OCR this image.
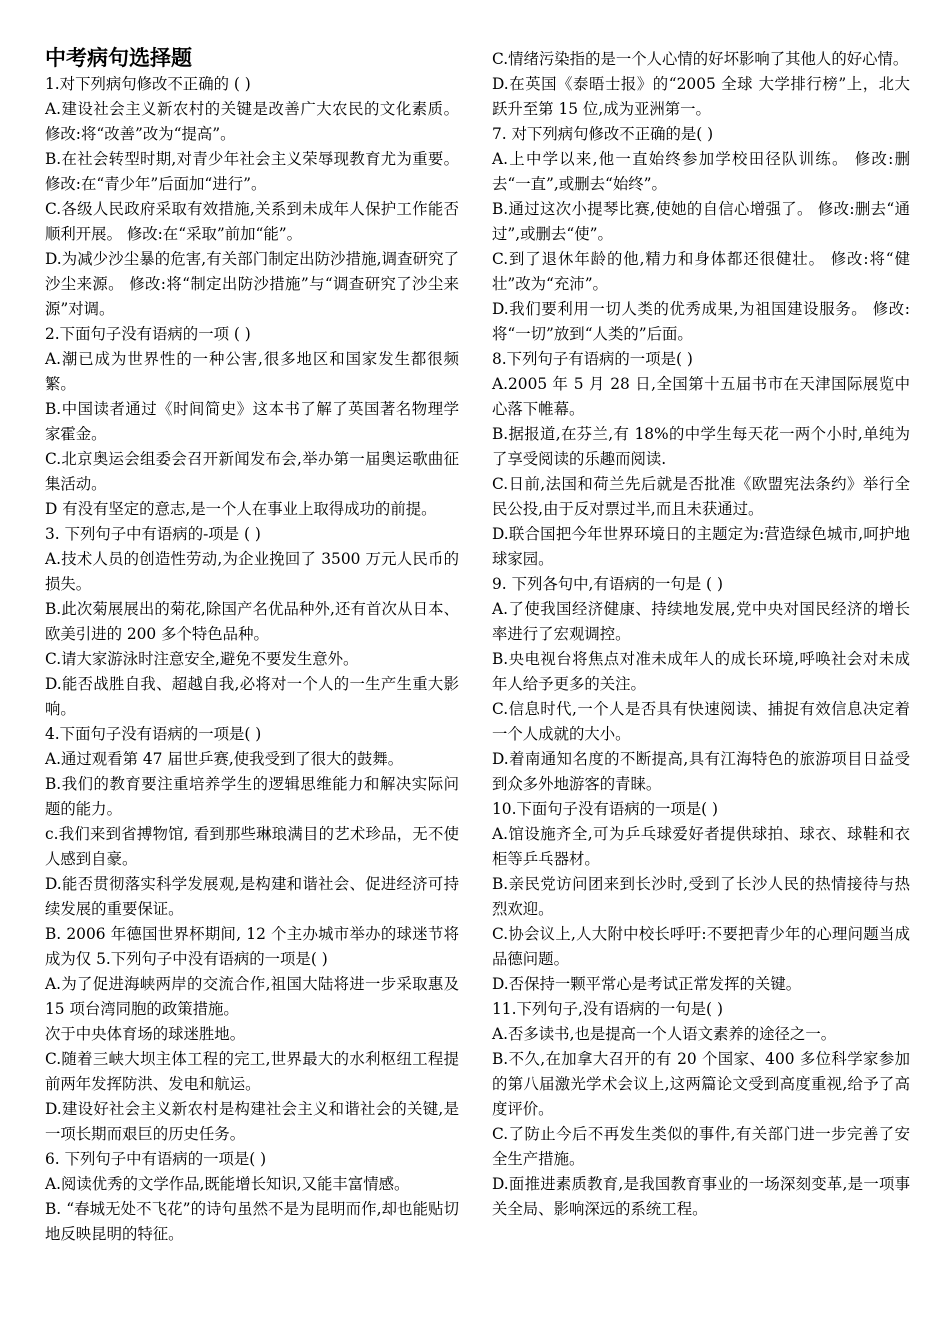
中考病句选择题

1.对下列病句修改不正确的 ( )

A.建设社会主义新农村的关键是改善广大农民的文化素质。 修改:将“改善”改为“提高”。

B.在社会转型时期,对青少年社会主义荣辱现教育尤为重要。 修改:在“青少年”后面加“进行”。

C.各级人民政府采取有效措施,关系到未成年人保护工作能否顺利开展。 修改:在“采取”前加“能”。

D.为减少沙尘暴的危害,有关部门制定出防沙措施,调查研究了沙尘来源。 修改:将“制定出防沙措施”与“调查研究了沙尘来源”对调。

2.下面句子没有语病的一项 ( )

A.潮已成为世界性的一种公害,很多地区和国家发生都很频繁。

B.中国读者通过《时间简史》这本书了解了英国著名物理学家霍金。

C.北京奥运会组委会召开新闻发布会,举办第一届奥运歌曲征集活动。

D 有没有坚定的意志,是一个人在事业上取得成功的前提。

3. 下列句子中有语病的-项是 ( )

A.技术人员的创造性劳动,为企业挽回了 3500 万元人民币的损失。

B.此次菊展展出的菊花,除国产名优品种外,还有首次从日本、欧美引进的 200 多个特色品种。

C.请大家游泳时注意安全,避免不要发生意外。

D.能否战胜自我、超越自我,必将对一个人的一生产生重大影响。

4.下面句子没有语病的一项是( )

A.通过观看第 47 届世乒赛,使我受到了很大的鼓舞。

B.我们的教育要注重培养学生的逻辑思维能力和解决实际问题的能力。

c.我们来到省搏物馆, 看到那些琳琅满目的艺术珍品，无不使人感到自豪。

D.能否贯彻落实科学发展观,是构建和谐社会、促进经济可持续发展的重要保证。

B. 2006 年德国世界杯期间, 12 个主办城市举办的球迷节将成为仅 5.下列句子中没有语病的一项是( )

A.为了促进海峡两岸的交流合作,祖国大陆将进一步采取惠及 15 项台湾同胞的政策措施。

次于中央体育场的球迷胜地。

C.随着三峡大坝主体工程的完工,世界最大的水利枢纽工程提前两年发挥防洪、发电和航运。

D.建设好社会主义新农村是构建社会主义和谐社会的关键,是一项长期而艰巨的历史任务。

6. 下列句子中有语病的一项是( )

A.阅读优秀的文学作品,既能增长知识,又能丰富情感。

B. “春城无处不飞花”的诗句虽然不是为昆明而作,却也能贴切地反映昆明的特征。

C.情绪污染指的是一个人心情的好坏影响了其他人的好心情。

D.在英国《泰晤士报》的“2005 全球 大学排行榜”上，北大跃升至第 15 位,成为亚洲第一。

7. 对下列病句修改不正确的是( )

A.上中学以来,他一直始终参加学校田径队训练。 修改:删去“一直”,或删去“始终”。

B.通过这次小提琴比赛,使她的自信心增强了。 修改:删去“通过”,或删去“使”。

C.到了退休年龄的他,精力和身体都还很健壮。 修改:将“健壮”改为“充沛”。

D.我们要利用一切人类的优秀成果,为祖国建设服务。 修改:将“一切”放到“人类的”后面。

8.下列句子有语病的一项是( )

A.2005 年 5 月 28 日,全国第十五届书市在天津国际展览中心落下帷幕。

B.据报道,在芬兰,有 18%的中学生每天花一两个小时,单纯为了享受阅读的乐趣而阅读.

C.日前,法国和荷兰先后就是否批准《欧盟宪法条约》举行全民公投,由于反对票过半,而且未获通过。

D.联合国把今年世界环境日的主题定为:营造绿色城市,呵护地球家园。

9. 下列各句中,有语病的一句是 ( )

A.了使我国经济健康、持续地发展,党中央对国民经济的增长率进行了宏观调控。

B.央电视台将焦点对准未成年人的成长环境,呼唤社会对未成年人给予更多的关注。

C.信息时代,一个人是否具有快速阅读、捕捉有效信息决定着一个人成就的大小。

D.着南通知名度的不断提高,具有江海特色的旅游项目日益受到众多外地游客的青睐。

10.下面句子没有语病的一项是( )

A.馆设施齐全,可为乒乓球爱好者提供球拍、球衣、球鞋和衣柜等乒乓器材。

B.亲民党访问团来到长沙时,受到了长沙人民的热情接待与热烈欢迎。

C.协会议上,人大附中校长呼吁:不要把青少年的心理问题当成品德问题。

D.否保持一颗平常心是考试正常发挥的关键。

11.下列句子,没有语病的一句是( )

A.否多读书,也是提高一个人语文素养的途径之一。

B.不久,在加拿大召开的有 20 个国家、400 多位科学家参加的第八届激光学术会议上,这两篇论文受到高度重视,给予了高度评价。

C.了防止今后不再发生类似的事件,有关部门进一步完善了安全生产措施。

D.面推进素质教育,是我国教育事业的一场深刻变革,是一项事关全局、影响深远的系统工程。
